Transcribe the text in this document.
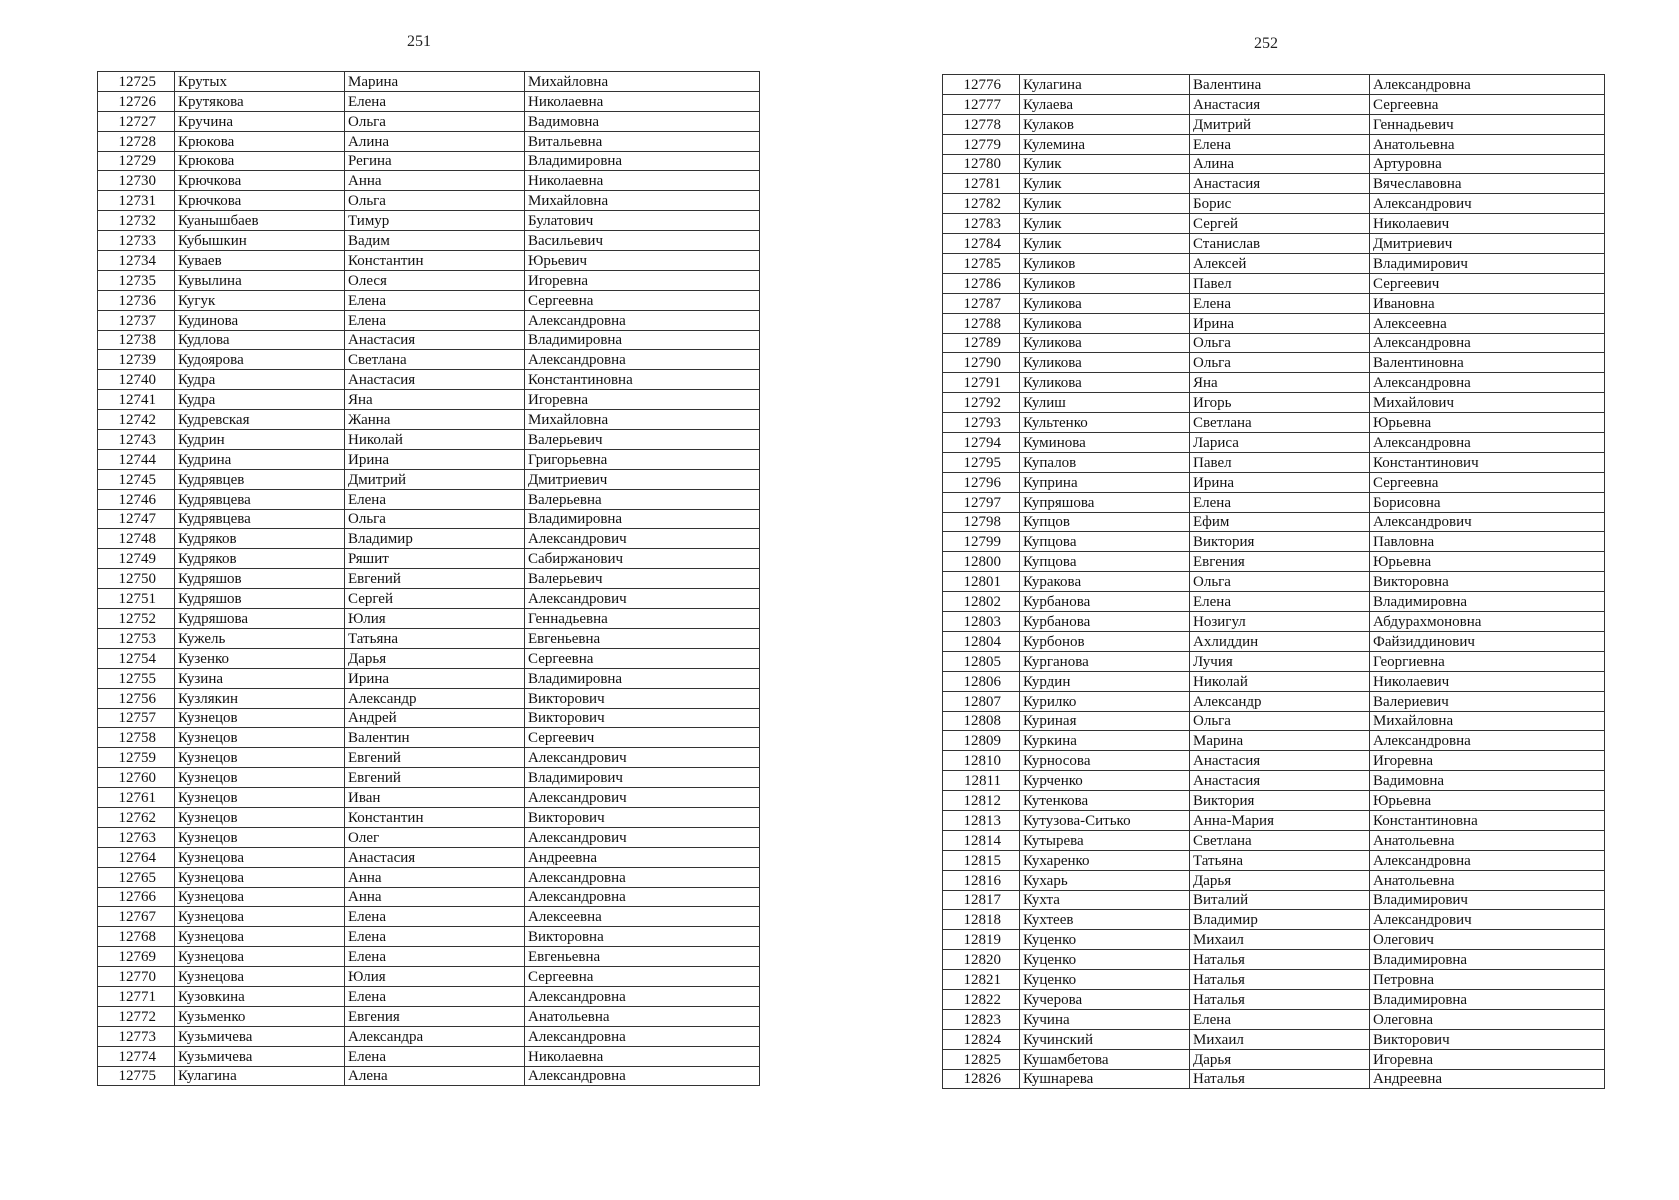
251	252
12725	Крутых	Марина	Михайловна
12726	Крутякова	Елена	Николаевна
12727	Кручина	Ольга	Вадимовна
12728	Крюкова	Алина	Витальевна
12729	Крюкова	Регина	Владимировна
12730	Крючкова	Анна	Николаевна
12731	Крючкова	Ольга	Михайловна
12732	Куанышбаев	Тимур	Булатович
12733	Кубышкин	Вадим	Васильевич
12734	Куваев	Константин	Юрьевич
12735	Кувылина	Олеся	Игоревна
12736	Кугук	Елена	Сергеевна
12737	Кудинова	Елена	Александровна
12738	Кудлова	Анастасия	Владимировна
12739	Кудоярова	Светлана	Александровна
12740	Кудра	Анастасия	Константиновна
12741	Кудра	Яна	Игоревна
12742	Кудревская	Жанна	Михайловна
12743	Кудрин	Николай	Валерьевич
12744	Кудрина	Ирина	Григорьевна
12745	Кудрявцев	Дмитрий	Дмитриевич
12746	Кудрявцева	Елена	Валерьевна
12747	Кудрявцева	Ольга	Владимировна
12748	Кудряков	Владимир	Александрович
12749	Кудряков	Ряшит	Сабиржанович
12750	Кудряшов	Евгений	Валерьевич
12751	Кудряшов	Сергей	Александрович
12752	Кудряшова	Юлия	Геннадьевна
12753	Кужель	Татьяна	Евгеньевна
12754	Кузенко	Дарья	Сергеевна
12755	Кузина	Ирина	Владимировна
12756	Кузлякин	Александр	Викторович
12757	Кузнецов	Андрей	Викторович
12758	Кузнецов	Валентин	Сергеевич
12759	Кузнецов	Евгений	Александрович
12760	Кузнецов	Евгений	Владимирович
12761	Кузнецов	Иван	Александрович
12762	Кузнецов	Константин	Викторович
12763	Кузнецов	Олег	Александрович
12764	Кузнецова	Анастасия	Андреевна
12765	Кузнецова	Анна	Александровна
12766	Кузнецова	Анна	Александровна
12767	Кузнецова	Елена	Алексеевна
12768	Кузнецова	Елена	Викторовна
12769	Кузнецова	Елена	Евгеньевна
12770	Кузнецова	Юлия	Сергеевна
12771	Кузовкина	Елена	Александровна
12772	Кузьменко	Евгения	Анатольевна
12773	Кузьмичева	Александра	Александровна
12774	Кузьмичева	Елена	Николаевна
12775	Кулагина	Алена	Александровна
12776	Кулагина	Валентина	Александровна
12777	Кулаева	Анастасия	Сергеевна
12778	Кулаков	Дмитрий	Геннадьевич
12779	Кулемина	Елена	Анатольевна
12780	Кулик	Алина	Артуровна
12781	Кулик	Анастасия	Вячеславовна
12782	Кулик	Борис	Александрович
12783	Кулик	Сергей	Николаевич
12784	Кулик	Станислав	Дмитриевич
12785	Куликов	Алексей	Владимирович
12786	Куликов	Павел	Сергеевич
12787	Куликова	Елена	Ивановна
12788	Куликова	Ирина	Алексеевна
12789	Куликова	Ольга	Александровна
12790	Куликова	Ольга	Валентиновна
12791	Куликова	Яна	Александровна
12792	Кулиш	Игорь	Михайлович
12793	Культенко	Светлана	Юрьевна
12794	Куминова	Лариса	Александровна
12795	Купалов	Павел	Константинович
12796	Куприна	Ирина	Сергеевна
12797	Купряшова	Елена	Борисовна
12798	Купцов	Ефим	Александрович
12799	Купцова	Виктория	Павловна
12800	Купцова	Евгения	Юрьевна
12801	Куракова	Ольга	Викторовна
12802	Курбанова	Елена	Владимировна
12803	Курбанова	Нозигул	Абдурахмоновна
12804	Курбонов	Ахлиддин	Файзиддинович
12805	Курганова	Лучия	Георгиевна
12806	Курдин	Николай	Николаевич
12807	Курилко	Александр	Валериевич
12808	Куриная	Ольга	Михайловна
12809	Куркина	Марина	Александровна
12810	Курносова	Анастасия	Игоревна
12811	Курченко	Анастасия	Вадимовна
12812	Кутенкова	Виктория	Юрьевна
12813	Кутузова-Ситько	Анна-Мария	Константиновна
12814	Кутырева	Светлана	Анатольевна
12815	Кухаренко	Татьяна	Александровна
12816	Кухарь	Дарья	Анатольевна
12817	Кухта	Виталий	Владимирович
12818	Кухтеев	Владимир	Александрович
12819	Куценко	Михаил	Олегович
12820	Куценко	Наталья	Владимировна
12821	Куценко	Наталья	Петровна
12822	Кучерова	Наталья	Владимировна
12823	Кучина	Елена	Олеговна
12824	Кучинский	Михаил	Викторович
12825	Кушамбетова	Дарья	Игоревна
12826	Кушнарева	Наталья	Андреевна
